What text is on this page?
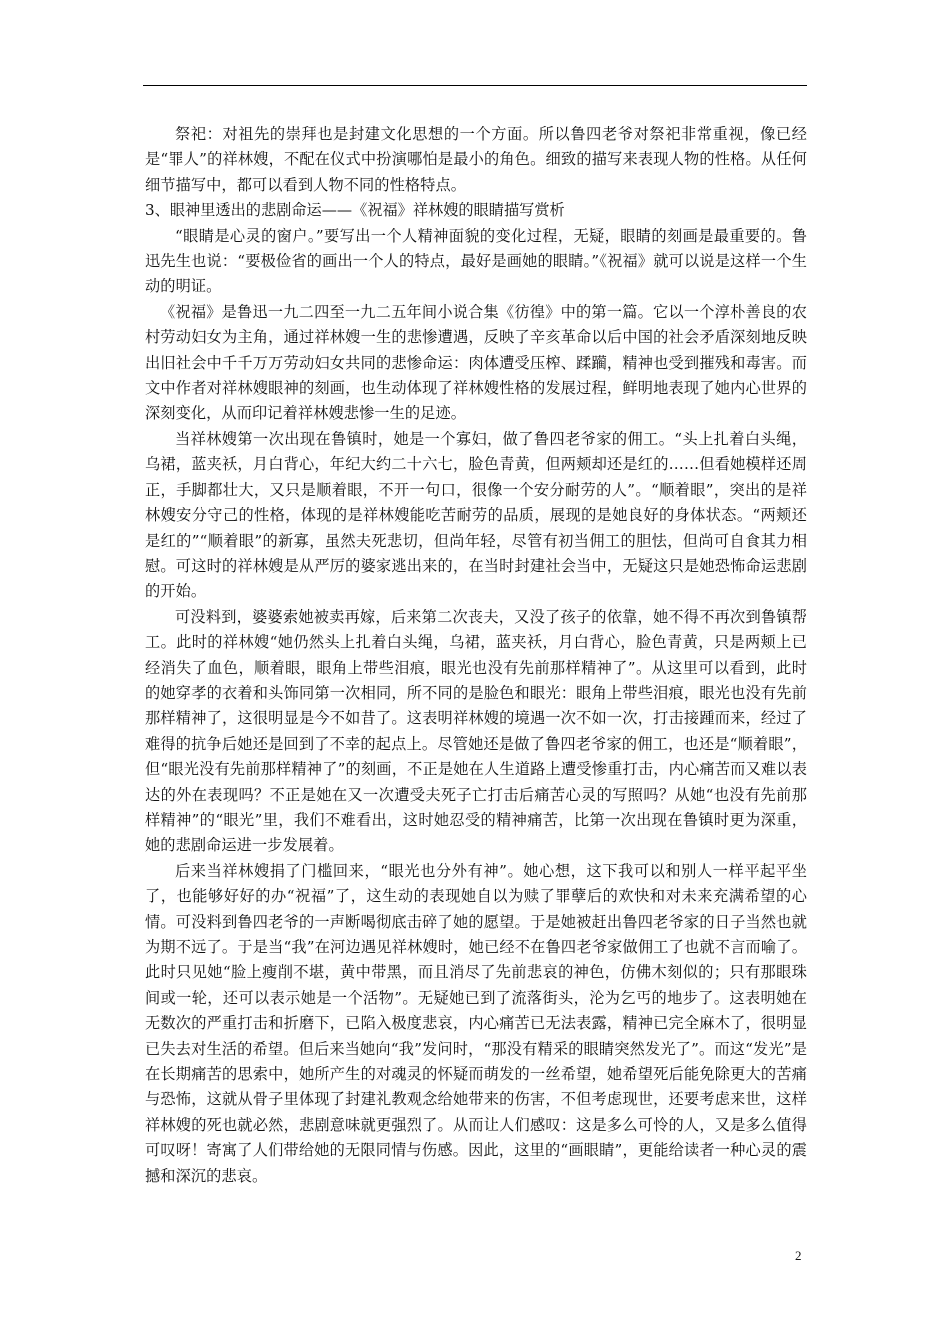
祭祀：对祖先的崇拜也是封建文化思想的一个方面。所以鲁四老爷对祭祀非常重视，像已经是“罪人”的祥林嫂，不配在仪式中扮演哪怕是最小的角色。细致的描写来表现人物的性格。从任何细节描写中，都可以看到人物不同的性格特点。

3、眼神里透出的悲剧命运——《祝福》祥林嫂的眼睛描写赏析

“眼睛是心灵的窗户。”要写出一个人精神面貌的变化过程，无疑，眼睛的刻画是最重要的。鲁迅先生也说：“要极俭省的画出一个人的特点，最好是画她的眼睛。”《祝福》就可以说是这样一个生动的明证。

《祝福》是鲁迅一九二四至一九二五年间小说合集《彷徨》中的第一篇。它以一个淳朴善良的农村劳动妇女为主角，通过祥林嫂一生的悲惨遭遇，反映了辛亥革命以后中国的社会矛盾深刻地反映出旧社会中千千万万劳动妇女共同的悲惨命运：肉体遭受压榨、蹂躏，精神也受到摧残和毒害。而文中作者对祥林嫂眼神的刻画，也生动体现了祥林嫂性格的发展过程，鲜明地表现了她内心世界的深刻变化，从而印记着祥林嫂悲惨一生的足迹。

当祥林嫂第一次出现在鲁镇时，她是一个寡妇，做了鲁四老爷家的佣工。“头上扎着白头绳，乌裙，蓝夹袄，月白背心，年纪大约二十六七，脸色青黄，但两颊却还是红的……但看她模样还周正，手脚都壮大，又只是顺着眼，不开一句口，很像一个安分耐劳的人”。“顺着眼”，突出的是祥林嫂安分守己的性格，体现的是祥林嫂能吃苦耐劳的品质，展现的是她良好的身体状态。“两颊还是红的”“顺着眼”的新寡，虽然夫死悲切，但尚年轻，尽管有初当佣工的胆怯，但尚可自食其力相慰。可这时的祥林嫂是从严厉的婆家逃出来的，在当时封建社会当中，无疑这只是她恐怖命运悲剧的开始。

可没料到，婆婆索她被卖再嫁，后来第二次丧夫，又没了孩子的依靠，她不得不再次到鲁镇帮工。此时的祥林嫂“她仍然头上扎着白头绳，乌裙，蓝夹袄，月白背心，脸色青黄，只是两颊上已经消失了血色，顺着眼，眼角上带些泪痕，眼光也没有先前那样精神了”。从这里可以看到，此时的她穿孝的衣着和头饰同第一次相同，所不同的是脸色和眼光：眼角上带些泪痕，眼光也没有先前那样精神了，这很明显是今不如昔了。这表明祥林嫂的境遇一次不如一次，打击接踵而来，经过了难得的抗争后她还是回到了不幸的起点上。尽管她还是做了鲁四老爷家的佣工，也还是“顺着眼”，但“眼光没有先前那样精神了”的刻画，不正是她在人生道路上遭受惨重打击，内心痛苦而又难以表达的外在表现吗？不正是她在又一次遭受夫死子亡打击后痛苦心灵的写照吗？从她“也没有先前那样精神”的“眼光”里，我们不难看出，这时她忍受的精神痛苦，比第一次出现在鲁镇时更为深重，她的悲剧命运进一步发展着。

后来当祥林嫂捐了门槛回来，“眼光也分外有神”。她心想，这下我可以和别人一样平起平坐了，也能够好好的办“祝福”了，这生动的表现她自以为赎了罪孽后的欢快和对未来充满希望的心情。可没料到鲁四老爷的一声断喝彻底击碎了她的愿望。于是她被赶出鲁四老爷家的日子当然也就为期不远了。于是当“我”在河边遇见祥林嫂时，她已经不在鲁四老爷家做佣工了也就不言而喻了。此时只见她“脸上瘦削不堪，黄中带黑，而且消尽了先前悲哀的神色，仿佛木刻似的；只有那眼珠间或一轮，还可以表示她是一个活物”。无疑她已到了流落街头，沦为乞丐的地步了。这表明她在无数次的严重打击和折磨下，已陷入极度悲哀，内心痛苦已无法表露，精神已完全麻木了，很明显已失去对生活的希望。但后来当她向“我”发问时，“那没有精采的眼睛突然发光了”。而这“发光”是在长期痛苦的思索中，她所产生的对魂灵的怀疑而萌发的一丝希望，她希望死后能免除更大的苦痛与恐怖，这就从骨子里体现了封建礼教观念给她带来的伤害，不但考虑现世，还要考虑来世，这样祥林嫂的死也就必然，悲剧意味就更强烈了。从而让人们感叹：这是多么可怜的人，又是多么值得可叹呀！寄寓了人们带给她的无限同情与伤感。因此，这里的“画眼睛”，更能给读者一种心灵的震撼和深沉的悲哀。

2
